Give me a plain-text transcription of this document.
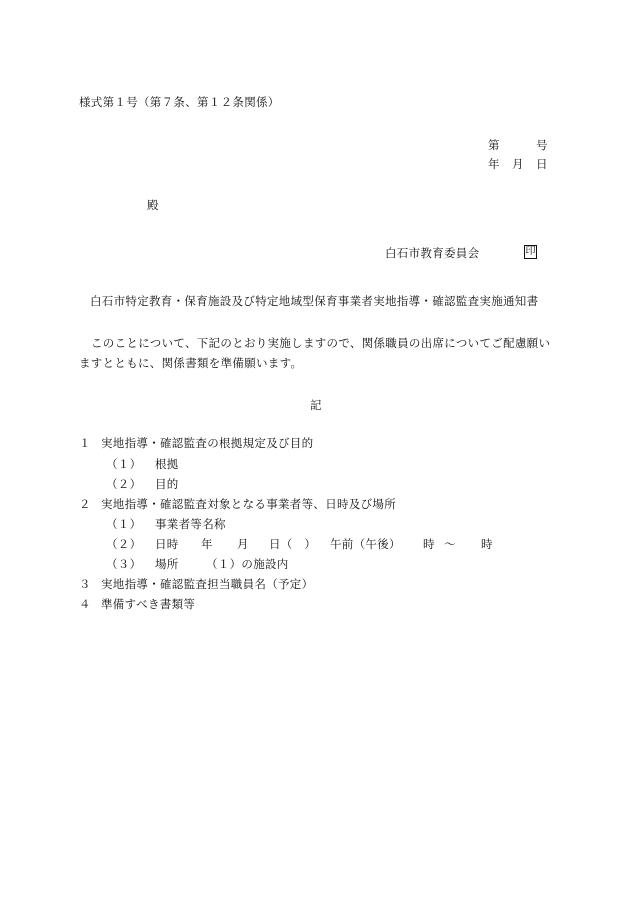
様式第１号（第７条、第１２条関係）
第	号
年 月 日
殿
白石市教育委員会	印
白石市特定教育・保育施設及び特定地域型保育事業者実地指導・確認監査実施通知書
このことについて、下記のとおり実施しますので、関係職員の出席についてご配慮願い
ますとともに、関係書類を準備願います。
記
１ 実地指導・確認監査の根拠規定及び目的
（１） 根拠
（２） 目的
２ 実地指導・確認監査対象となる事業者等、日時及び場所
（１） 事業者等名称
（２） 日時 年 月 日（　） 午前（午後） 時 ～ 時
（３） 場所 （１）の施設内
３ 実地指導・確認監査担当職員名（予定）
４ 準備すべき書類等
